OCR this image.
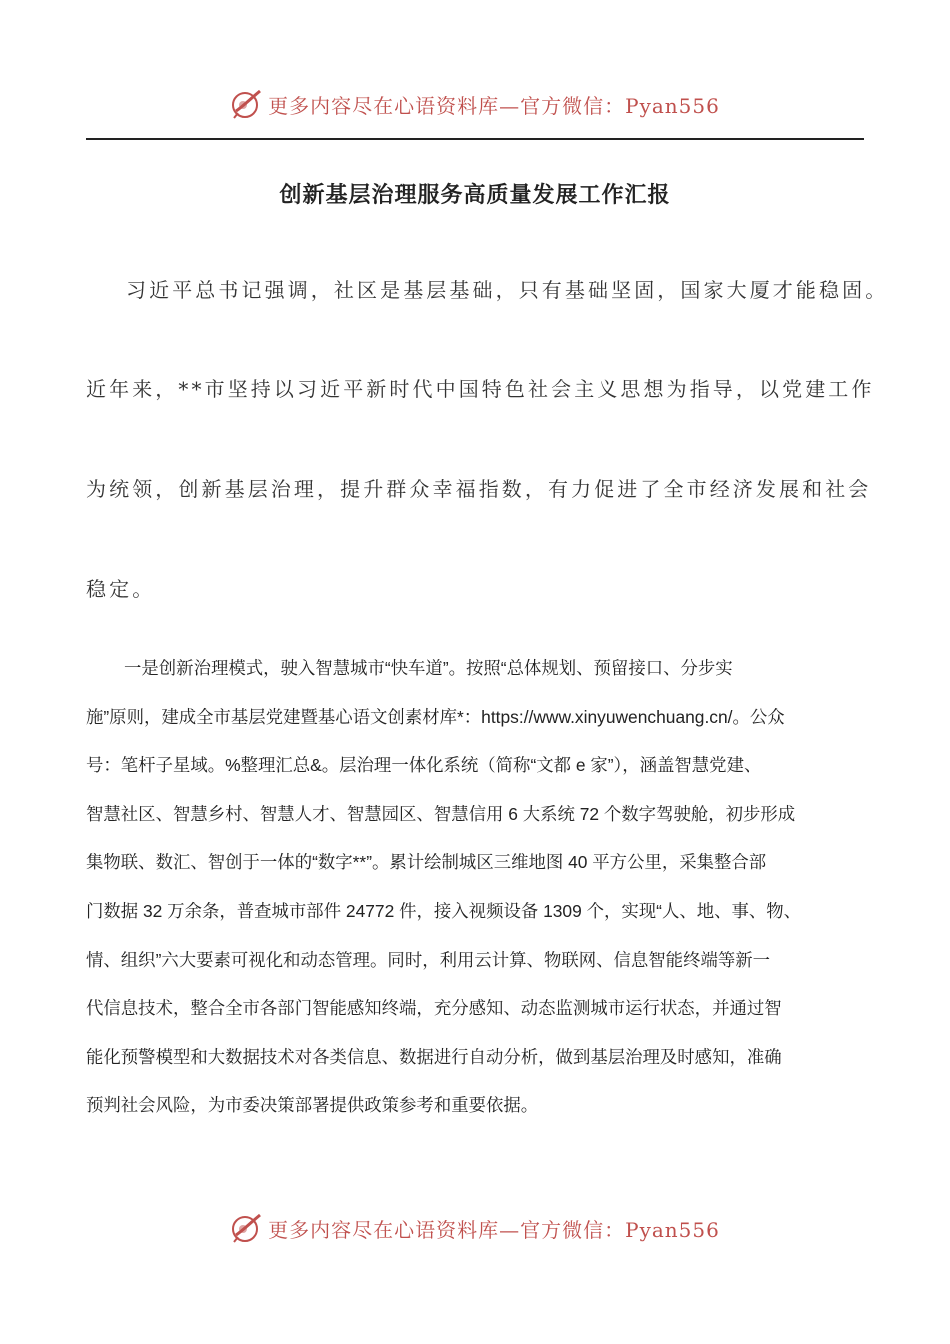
更多内容尽在心语资料库—官方微信：Pyan556
创新基层治理服务高质量发展工作汇报
习近平总书记强调，社区是基层基础，只有基础坚固，国家大厦才能稳固。
近年来，**市坚持以习近平新时代中国特色社会主义思想为指导，以党建工作
为统领，创新基层治理，提升群众幸福指数，有力促进了全市经济发展和社会
稳定。
一是创新治理模式，驶入智慧城市“快车道”。按照“总体规划、预留接口、分步实
施”原则，建成全市基层党建暨基心语文创素材库*：https://www.xinyuwenchuang.cn/。公众
号：笔杆子星域。%整理汇总&。层治理一体化系统（简称“文都 e 家”），涵盖智慧党建、
智慧社区、智慧乡村、智慧人才、智慧园区、智慧信用 6 大系统 72 个数字驾驶舱，初步形成
集物联、数汇、智创于一体的“数字**”。累计绘制城区三维地图 40 平方公里，采集整合部
门数据 32 万余条，普查城市部件 24772 件，接入视频设备 1309 个，实现“人、地、事、物、
情、组织”六大要素可视化和动态管理。同时，利用云计算、物联网、信息智能终端等新一
代信息技术，整合全市各部门智能感知终端，充分感知、动态监测城市运行状态，并通过智
能化预警模型和大数据技术对各类信息、数据进行自动分析，做到基层治理及时感知，准确
预判社会风险，为市委决策部署提供政策参考和重要依据。
更多内容尽在心语资料库—官方微信：Pyan556
